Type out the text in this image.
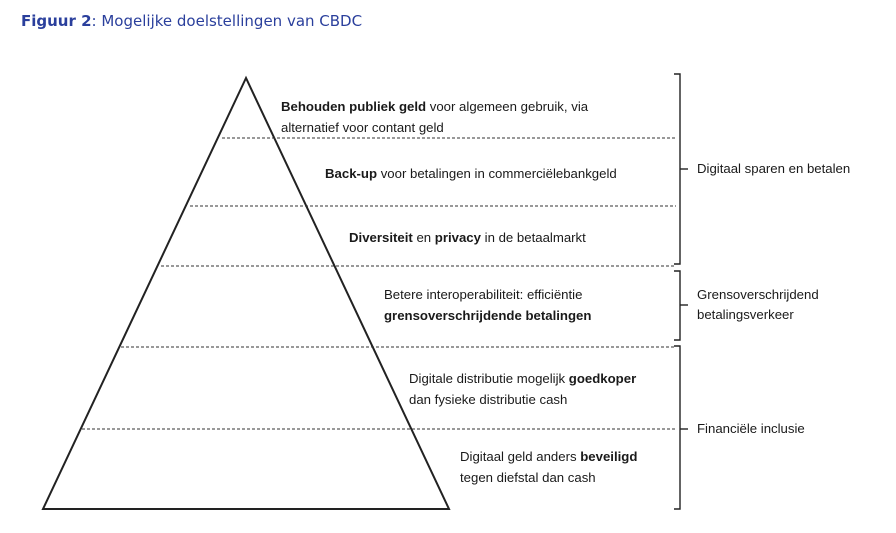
Figuur 2: Mogelijke doelstellingen van CBDC
Behouden publiek geld voor algemeen gebruik, via
alternatief voor contant geld
Back-up voor betalingen in commerciëlebankgeld
Diversiteit en privacy in de betaalmarkt
Betere interoperabiliteit: efficiëntie
grensoverschrijdende betalingen
Digitale distributie mogelijk goedkoper
dan fysieke distributie cash
Digitaal geld anders beveiligd
tegen diefstal dan cash
Digitaal sparen en betalen
Grensoverschrijdend
betalingsverkeer
Financiële inclusie
